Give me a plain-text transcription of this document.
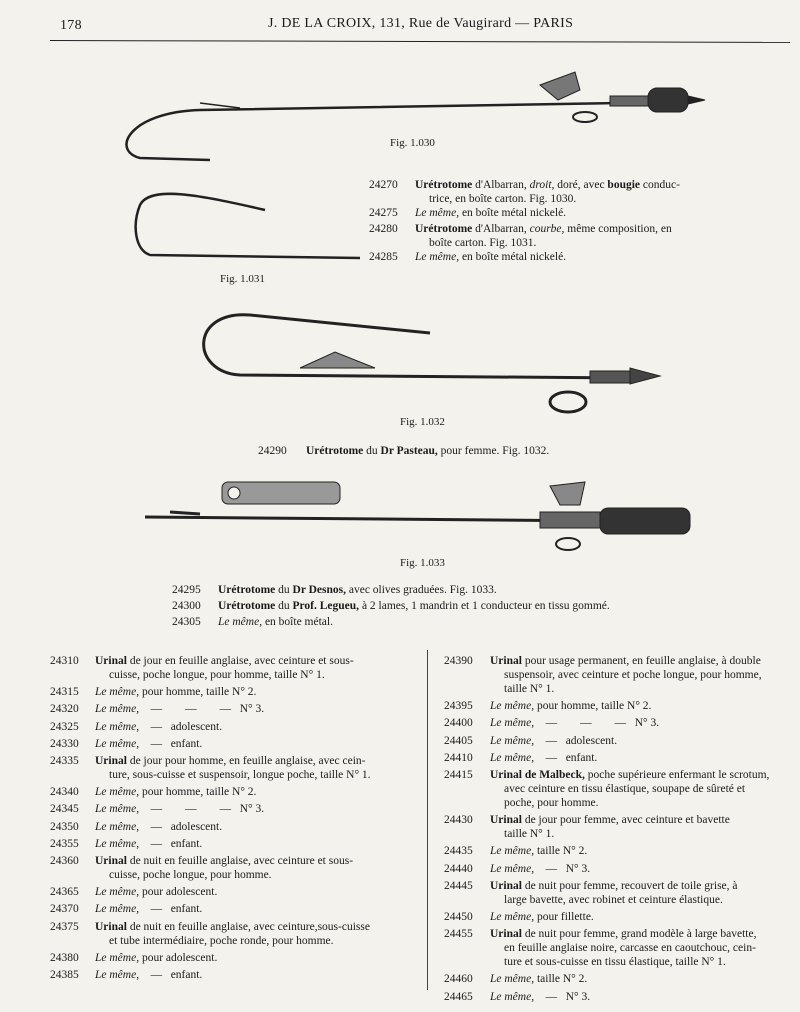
178	J. DE LA CROIX, 131, Rue de Vaugirard — PARIS
Fig. 1.030
Fig. 1.031
Fig. 1.032
Fig. 1.033
24270 Urétrotome d'Albarran, droit, doré, avec bougie conduc-
trice, en boîte carton. Fig. 1030.
24275 Le même, en boîte métal nickelé.
24280 Urétrotome d'Albarran, courbe, même composition, en
boîte carton. Fig. 1031.
24285 Le même, en boîte métal nickelé.
24290 Urétrotome du Dr Pasteau, pour femme. Fig. 1032.
24295 Urétrotome du Dr Desnos, avec olives graduées. Fig. 1033.
24300 Urétrotome du Prof. Legueu, à 2 lames, 1 mandrin et 1 conducteur en tissu gommé.
24305 Le même, en boîte métal.
24310 Urinal de jour en feuille anglaise, avec ceinture et sous-
cuisse, poche longue, pour homme, taille N° 1.
24315 Le même, pour homme, taille N° 2.
24320 Le même,    —        —        —   N° 3.
24325 Le même,    —   adolescent.
24330 Le même,    —   enfant.
24335 Urinal de jour pour homme, en feuille anglaise, avec cein-
ture, sous-cuisse et suspensoir, longue poche, taille N° 1.
24340 Le même, pour homme, taille N° 2.
24345 Le même,    —        —        —   N° 3.
24350 Le même,    —   adolescent.
24355 Le même,    —   enfant.
24360 Urinal de nuit en feuille anglaise, avec ceinture et sous-
cuisse, poche longue, pour homme.
24365 Le même, pour adolescent.
24370 Le même,    —   enfant.
24375 Urinal de nuit en feuille anglaise, avec ceinture,sous-cuisse
et tube intermédiaire, poche ronde, pour homme.
24380 Le même, pour adolescent.
24385 Le même,    —   enfant.
24390 Urinal pour usage permanent, en feuille anglaise, à double
suspensoir, avec ceinture et poche longue, pour homme,
taille N° 1.
24395 Le même, pour homme, taille N° 2.
24400 Le même,    —        —        —   N° 3.
24405 Le même,    —   adolescent.
24410 Le même,    —   enfant.
24415 Urinal de Malbeck, poche supérieure enfermant le scrotum,
avec ceinture en tissu élastique, soupape de sûreté et
poche, pour homme.
24430 Urinal de jour pour femme, avec ceinture et bavette
taille N° 1.
24435 Le même, taille N° 2.
24440 Le même,    —   N° 3.
24445 Urinal de nuit pour femme, recouvert de toile grise, à
large bavette, avec robinet et ceinture élastique.
24450 Le même, pour fillette.
24455 Urinal de nuit pour femme, grand modèle à large bavette,
en feuille anglaise noire, carcasse en caoutchouc, cein-
ture et sous-cuisse en tissu élastique, taille N° 1.
24460 Le même, taille N° 2.
24465 Le même,    —   N° 3.
